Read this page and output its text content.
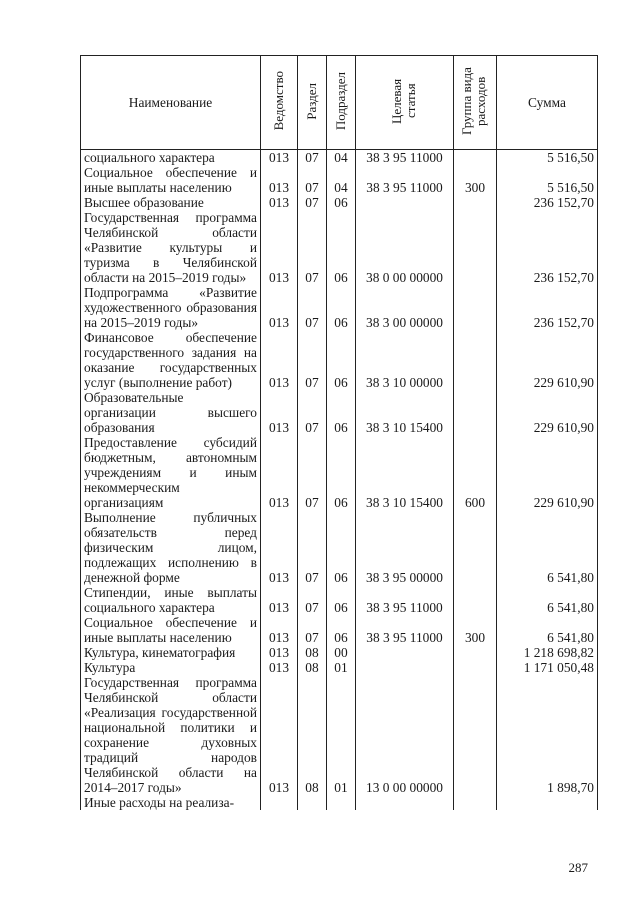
Наименование	Ведомство	Раздел	Подраздел	Целевая статья	Группа вида расходов	Сумма
социального характера	013	07	04	38 3 95 11000		5 516,50
Социальное обеспечение и иные выплаты населению	013	07	04	38 3 95 11000	300	5 516,50
Высшее образование	013	07	06			236 152,70
Государственная программа Челябинской области «Развитие культуры и туризма в Челябинской области на 2015–2019 годы»	013	07	06	38 0 00 00000		236 152,70
Подпрограмма «Развитие художественного образования на 2015–2019 годы»	013	07	06	38 3 00 00000		236 152,70
Финансовое обеспечение государственного задания на оказание государственных услуг (выполнение работ)	013	07	06	38 3 10 00000		229 610,90
Образовательные организации высшего образования	013	07	06	38 3 10 15400		229 610,90
Предоставление субсидий бюджетным, автономным учреждениям и иным некоммерческим организациям	013	07	06	38 3 10 15400	600	229 610,90
Выполнение публичных обязательств перед физическим лицом, подлежащих исполнению в денежной форме	013	07	06	38 3 95 00000		6 541,80
Стипендии, иные выплаты социального характера	013	07	06	38 3 95 11000		6 541,80
Социальное обеспечение и иные выплаты населению	013	07	06	38 3 95 11000	300	6 541,80
Культура, кинематография	013	08	00			1 218 698,82
Культура	013	08	01			1 171 050,48
Государственная программа Челябинской области «Реализация государственной национальной политики и сохранение духовных традиций народов Челябинской области на 2014–2017 годы»	013	08	01	13 0 00 00000		1 898,70
Иные расходы на реализа-						
287
